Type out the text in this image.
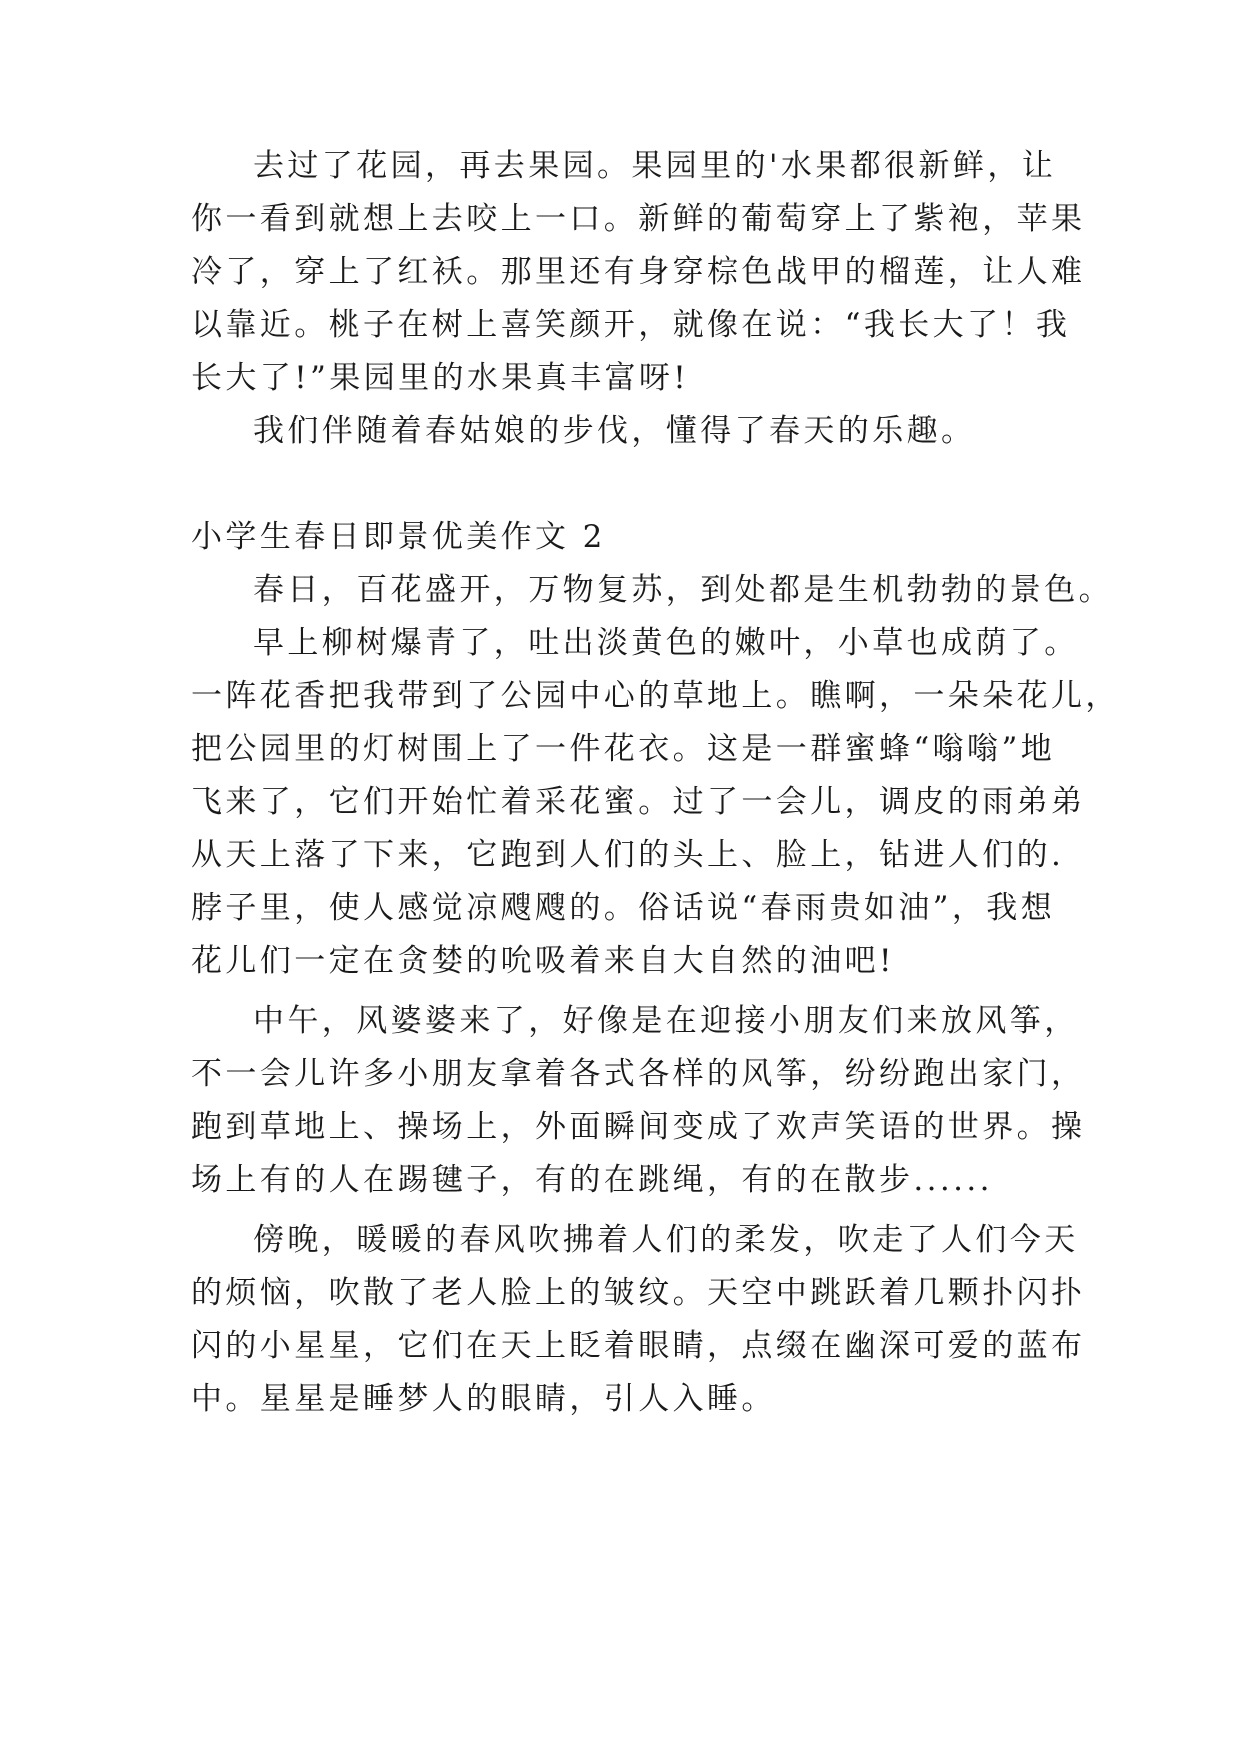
去过了花园，再去果园。果园里的'水果都很新鲜，让
你一看到就想上去咬上一口。新鲜的葡萄穿上了紫袍，苹果
冷了，穿上了红袄。那里还有身穿棕色战甲的榴莲，让人难
以靠近。桃子在树上喜笑颜开，就像在说：“我长大了！我
长大了!”果园里的水果真丰富呀!
我们伴随着春姑娘的步伐，懂得了春天的乐趣。
小学生春日即景优美作文 2
春日，百花盛开，万物复苏，到处都是生机勃勃的景色。
早上柳树爆青了，吐出淡黄色的嫩叶，小草也成荫了。
一阵花香把我带到了公园中心的草地上。瞧啊，一朵朵花儿，
把公园里的灯树围上了一件花衣。这是一群蜜蜂“嗡嗡”地
飞来了，它们开始忙着采花蜜。过了一会儿，调皮的雨弟弟
从天上落了下来，它跑到人们的头上、脸上，钻进人们的.
脖子里，使人感觉凉飕飕的。俗话说“春雨贵如油”，我想
花儿们一定在贪婪的吮吸着来自大自然的油吧!
中午，风婆婆来了，好像是在迎接小朋友们来放风筝，
不一会儿许多小朋友拿着各式各样的风筝，纷纷跑出家门，
跑到草地上、操场上，外面瞬间变成了欢声笑语的世界。操
场上有的人在踢毽子，有的在跳绳，有的在散步......
傍晚，暖暖的春风吹拂着人们的柔发，吹走了人们今天
的烦恼，吹散了老人脸上的皱纹。天空中跳跃着几颗扑闪扑
闪的小星星，它们在天上眨着眼睛，点缀在幽深可爱的蓝布
中。星星是睡梦人的眼睛，引人入睡。
